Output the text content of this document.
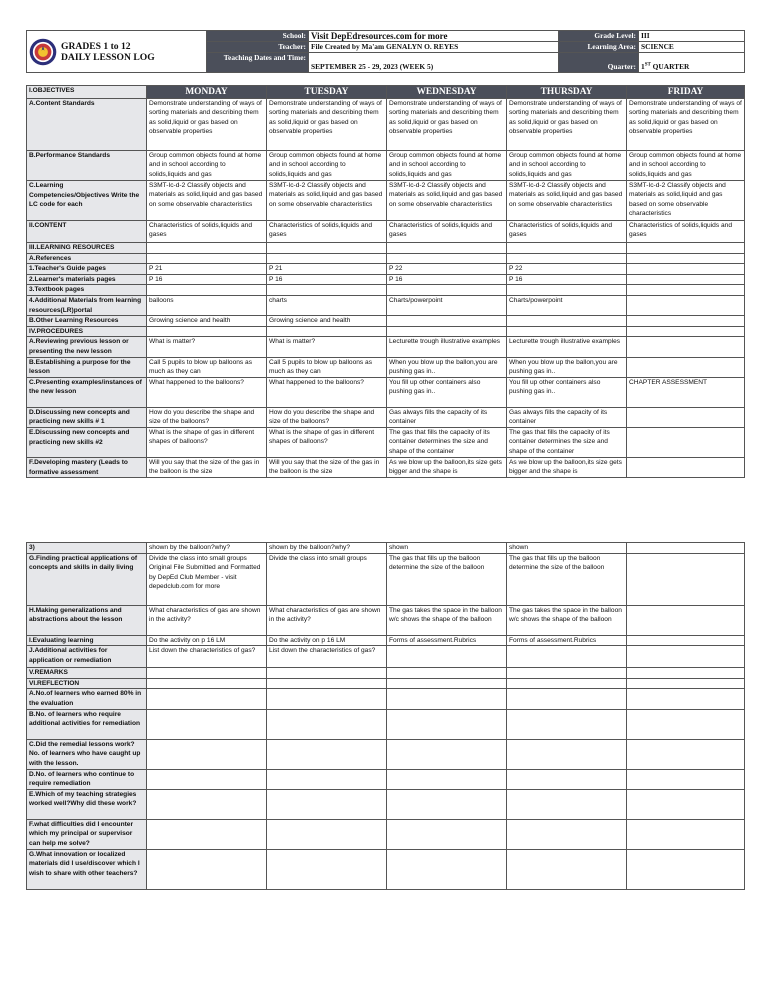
GRADES 1 to 12
DAILY LESSON LOG	School:	Visit DepEdresources.com for more	Grade Level:	III
	Teacher:	File Created by Ma'am GENALYN O. REYES	Learning Area:	SCIENCE
	Teaching Dates and Time:	SEPTEMBER 25 - 29, 2023 (WEEK 5)	Quarter:	1ST QUARTER
I.OBJECTIVES	MONDAY	TUESDAY	WEDNESDAY	THURSDAY	FRIDAY
A.Content Standards	Demonstrate understanding of ways of sorting materials and describing them as solid,liquid or gas based on observable properties	Demonstrate understanding of ways of sorting materials and describing them as solid,liquid or gas based on observable properties	Demonstrate understanding of ways of sorting materials and describing them as solid,liquid or gas based on observable properties	Demonstrate understanding of ways of sorting materials and describing them as solid,liquid or gas based on observable properties	Demonstrate understanding of ways of sorting materials and describing them as solid,liquid or gas based on observable properties
B.Performance Standards	Group common objects found at home and in school according to solids,liquids and gas	Group common objects found at home and in school according to solids,liquids and gas	Group common objects found at home and in school according to solids,liquids and gas	Group common objects found at home and in school according to solids,liquids and gas	Group common objects found at home and in school according to solids,liquids and gas
C.Learning Competencies/Objectives Write the LC code for each	S3MT-Ic-d-2 Classify objects and materials as solid,liquid and gas based on some observable characteristics	S3MT-Ic-d-2 Classify objects and materials as solid,liquid and gas based on some observable characteristics	S3MT-Ic-d-2 Classify objects and materials as solid,liquid and gas based on some observable characteristics	S3MT-Ic-d-2 Classify objects and materials as solid,liquid and gas based on some observable characteristics	S3MT-Ic-d-2 Classify objects and materials as solid,liquid and gas based on some observable characteristics
II.CONTENT	Characteristics of solids,liquids and gases	Characteristics of solids,liquids and gases	Characteristics of solids,liquids and gases	Characteristics of solids,liquids and gases	Characteristics of solids,liquids and gases
III.LEARNING RESOURCES					
A.References					
1.Teacher's Guide pages	P 21	P 21	P 22	P 22	
2.Learner's materials pages	P 16	P 16	P 16	P 16	
3.Textbook pages					
4.Additional Materials from learning resources(LR)portal	balloons	charts	Charts/powerpoint	Charts/powerpoint	
B.Other Learning Resources	Growing science and health	Growing science and health			
IV.PROCEDURES					
A.Reviewing previous lesson or presenting the new lesson	What is matter?	What is matter?	Lecturette trough illustrative examples	Lecturette trough illustrative examples	
B.Establishing a purpose for the lesson	Call 5 pupils to blow up balloons as much as they can	Call 5 pupils to blow up balloons as much as they can	When you blow up the ballon,you are pushing gas in..	When you blow up the ballon,you are pushing gas in..	
C.Presenting examples/instances of the new lesson	What happened to the balloons?	What happened to the balloons?	You fill up other containers also pushing gas in..	You fill up other containers also pushing gas in..	CHAPTER ASSESSMENT
D.Discussing new concepts and practicing new skills # 1	How do you describe the shape and size of the balloons?	How do you describe the shape and size of the balloons?	Gas always fills the capacity of its container	Gas always fills the capacity of its container	
E.Discussing new concepts and practicing new skills #2	What is the shape of gas in different shapes of balloons?	What is the shape of gas in different shapes of balloons?	The gas that fills the capacity of its container determines the size and shape of the container	The gas that fills the capacity of its container determines the size and shape of the container	
F.Developing mastery (Leads to formative assessment	Will you say that the size of the gas in the balloon is the size	Will you say that the size of the gas in the balloon is the size	As we blow up the balloon,its size gets bigger and the shape is	As we blow up the balloon,its size gets bigger and the shape is	
3)	shown by the balloon?why?	shown by the balloon?why?	shown	shown	
G.Finding practical applications of concepts and skills in daily living	Divide the class into small groups Original File Submitted and Formatted by DepEd Club Member - visit depedclub.com for more	Divide the class into small groups	The gas that fills up the balloon determine the size of the balloon	The gas that fills up the balloon determine the size of the balloon	
H.Making generalizations and abstractions about the lesson	What characteristics of gas are shown in the activity?	What characteristics of gas are shown in the activity?	The gas takes the space in the balloon w/c shows the shape of the balloon	The gas takes the space in the balloon w/c shows the shape of the balloon	
I.Evaluating learning	Do the activity on p 16 LM	Do the activity on p 16 LM	Forms of assessment.Rubrics	Forms of assessment.Rubrics	
J.Additional activities for application or remediation	List down the characteristics of gas?	List down the characteristics of gas?			
V.REMARKS					
VI.REFLECTION					
A.No.of learners who earned 80% in the evaluation					
B.No. of learners who require additional activities for remediation					
C.Did the remedial lessons work?No. of learners who have caught up with the lesson.					
D.No. of learners who continue to require remediation					
E.Which of my teaching strategies worked well?Why did these work?					
F.what difficulties did I encounter which my principal or supervisor can help me solve?					
G.What innovation or localized materials did I use/discover which I wish to share with other teachers?					
